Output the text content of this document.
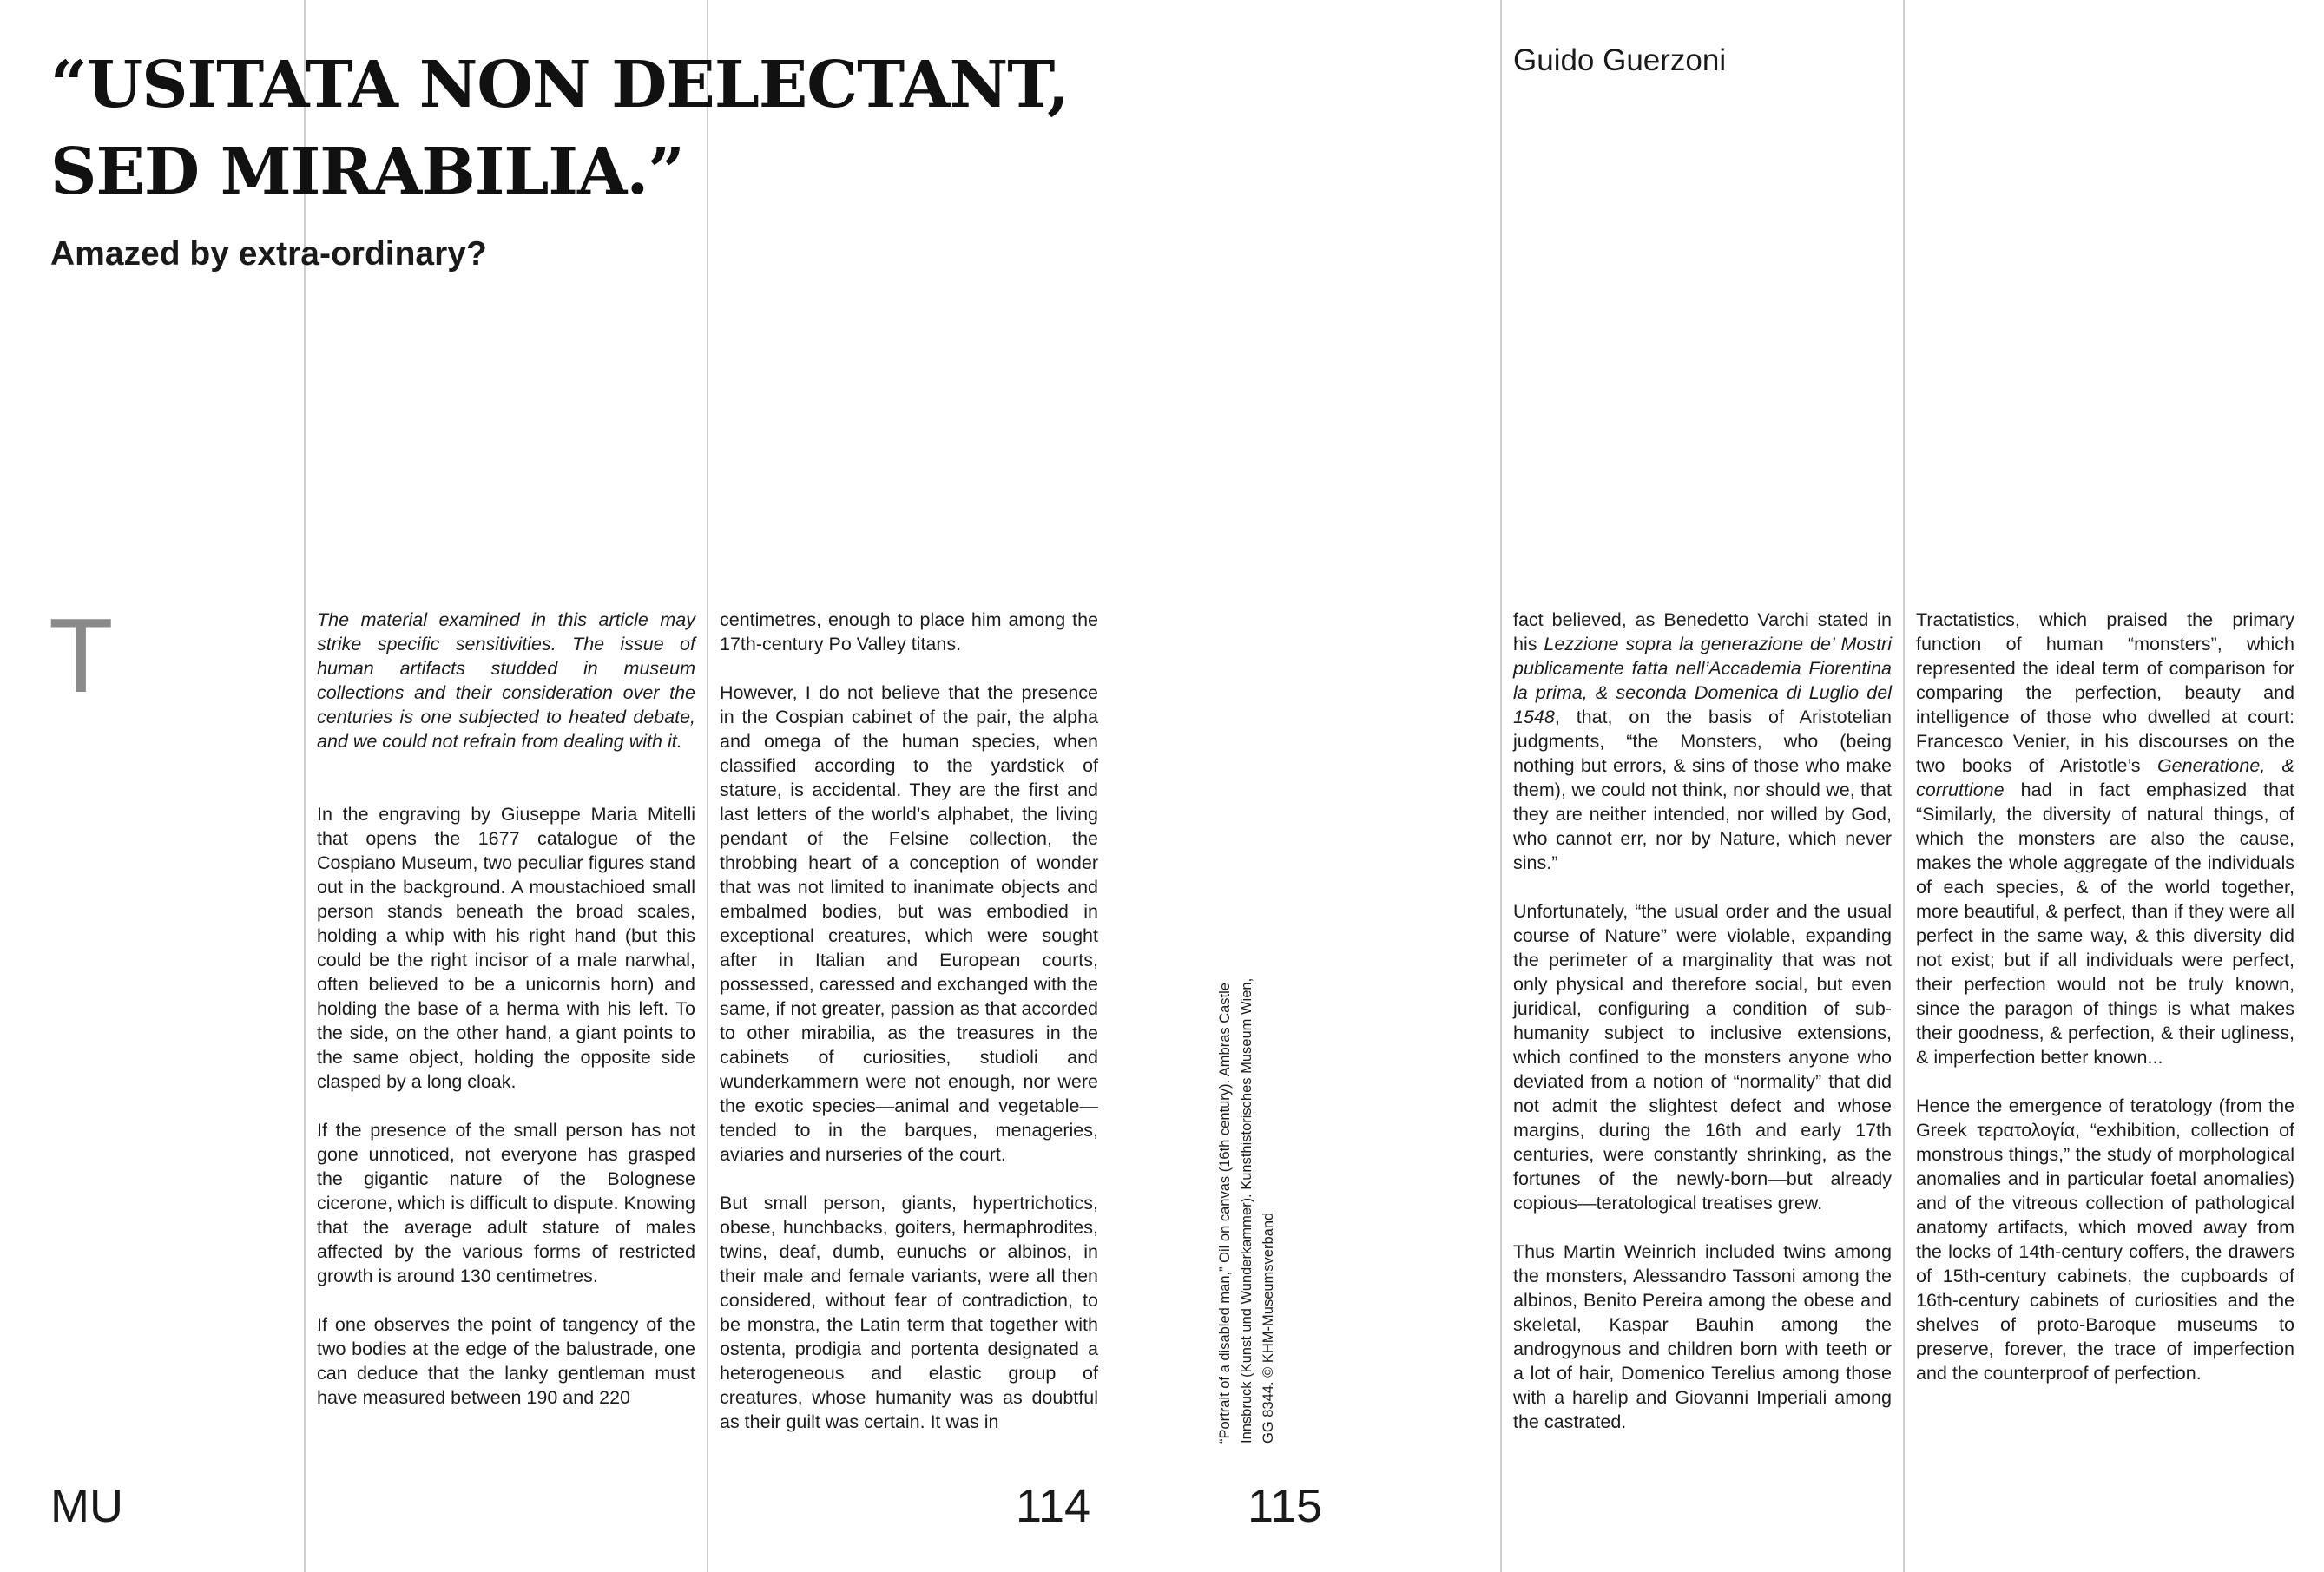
“USITATA NON DELECTANT,
SED MIRABILIA.”
Amazed by extra-ordinary?
Guido Guerzoni
T	The material examined in this article may strike specific sensitivities. The issue of human artifacts studded in museum collections and their consideration over the centuries is one subjected to heated debate, and we could not refrain from dealing with it.

In the engraving by Giuseppe Maria Mitelli that opens the 1677 catalogue of the Cospiano Museum, two peculiar figures stand out in the background. A moustachioed small person stands beneath the broad scales, holding a whip with his right hand (but this could be the right incisor of a male narwhal, often believed to be a unicornis horn) and holding the base of a herma with his left. To the side, on the other hand, a giant points to the same object, holding the opposite side clasped by a long cloak.

If the presence of the small person has not gone unnoticed, not everyone has grasped the gigantic nature of the Bolognese cicerone, which is difficult to dispute. Knowing that the average adult stature of males affected by the various forms of restricted growth is around 130 centimetres.

If one observes the point of tangency of the two bodies at the edge of the balustrade, one can deduce that the lanky gentleman must have measured between 190 and 220

centimetres, enough to place him among the 17th-century Po Valley titans.

However, I do not believe that the presence in the Cospian cabinet of the pair, the alpha and omega of the human species, when classified according to the yardstick of stature, is accidental. They are the first and last letters of the world’s alphabet, the living pendant of the Felsine collection, the throbbing heart of a conception of wonder that was not limited to inanimate objects and embalmed bodies, but was embodied in exceptional creatures, which were sought after in Italian and European courts, possessed, caressed and exchanged with the same, if not greater, passion as that accorded to other mirabilia, as the treasures in the cabinets of curiosities, studioli and wunderkammern were not enough, nor were the exotic species—animal and vegetable—tended to in the barques, menageries, aviaries and nurseries of the court.

But small person, giants, hypertrichotics, obese, hunchbacks, goiters, hermaphrodites, twins, deaf, dumb, eunuchs or albinos, in their male and female variants, were all then considered, without fear of contradiction, to be monstra, the Latin term that together with ostenta, prodigia and portenta designated a heterogeneous and elastic group of creatures, whose humanity was as doubtful as their guilt was certain. It was in	“Portrait of a disabled man,” Oil on canvas (16th century). Ambras Castle Innsbruck (Kunst und Wunderkammer). Kunsthistorisches Museum Wien, GG 8344. © KHM-Museumsverband

fact believed, as Benedetto Varchi stated in his Lezzione sopra la generazione de’ Mostri publicamente fatta nell’Accademia Fiorentina la prima, & seconda Domenica di Luglio del 1548, that, on the basis of Aristotelian judgments, “the Monsters, who (being nothing but errors, & sins of those who make them), we could not think, nor should we, that they are neither intended, nor willed by God, who cannot err, nor by Nature, which never sins.”

Unfortunately, “the usual order and the usual course of Nature” were violable, expanding the perimeter of a marginality that was not only physical and therefore social, but even juridical, configuring a condition of sub-humanity subject to inclusive extensions, which confined to the monsters anyone who deviated from a notion of “normality” that did not admit the slightest defect and whose margins, during the 16th and early 17th centuries, were constantly shrinking, as the fortunes of the newly-born—but already copious—teratological treatises grew.

Thus Martin Weinrich included twins among the monsters, Alessandro Tassoni among the albinos, Benito Pereira among the obese and skeletal, Kaspar Bauhin among the androgynous and children born with teeth or a lot of hair, Domenico Terelius among those with a harelip and Giovanni Imperiali among the castrated.

Tractatistics, which praised the primary function of human “monsters”, which represented the ideal term of comparison for comparing the perfection, beauty and intelligence of those who dwelled at court: Francesco Venier, in his discourses on the two books of Aristotle’s Generatione, & corruttione had in fact emphasized that “Similarly, the diversity of natural things, of which the monsters are also the cause, makes the whole aggregate of the individuals of each species, & of the world together, more beautiful, & perfect, than if they were all perfect in the same way, & this diversity did not exist; but if all individuals were perfect, their perfection would not be truly known, since the paragon of things is what makes their goodness, & perfection, & their ugliness, & imperfection better known...

Hence the emergence of teratology (from the Greek τερατολογία, “exhibition, collection of monstrous things,” the study of morphological anomalies and in particular foetal anomalies) and of the vitreous collection of pathological anatomy artifacts, which moved away from the locks of 14th-century coffers, the drawers of 15th-century cabinets, the cupboards of 16th-century cabinets of curiosities and the shelves of proto-Baroque museums to preserve, forever, the trace of imperfection and the counterproof of perfection.

MU	114	115
